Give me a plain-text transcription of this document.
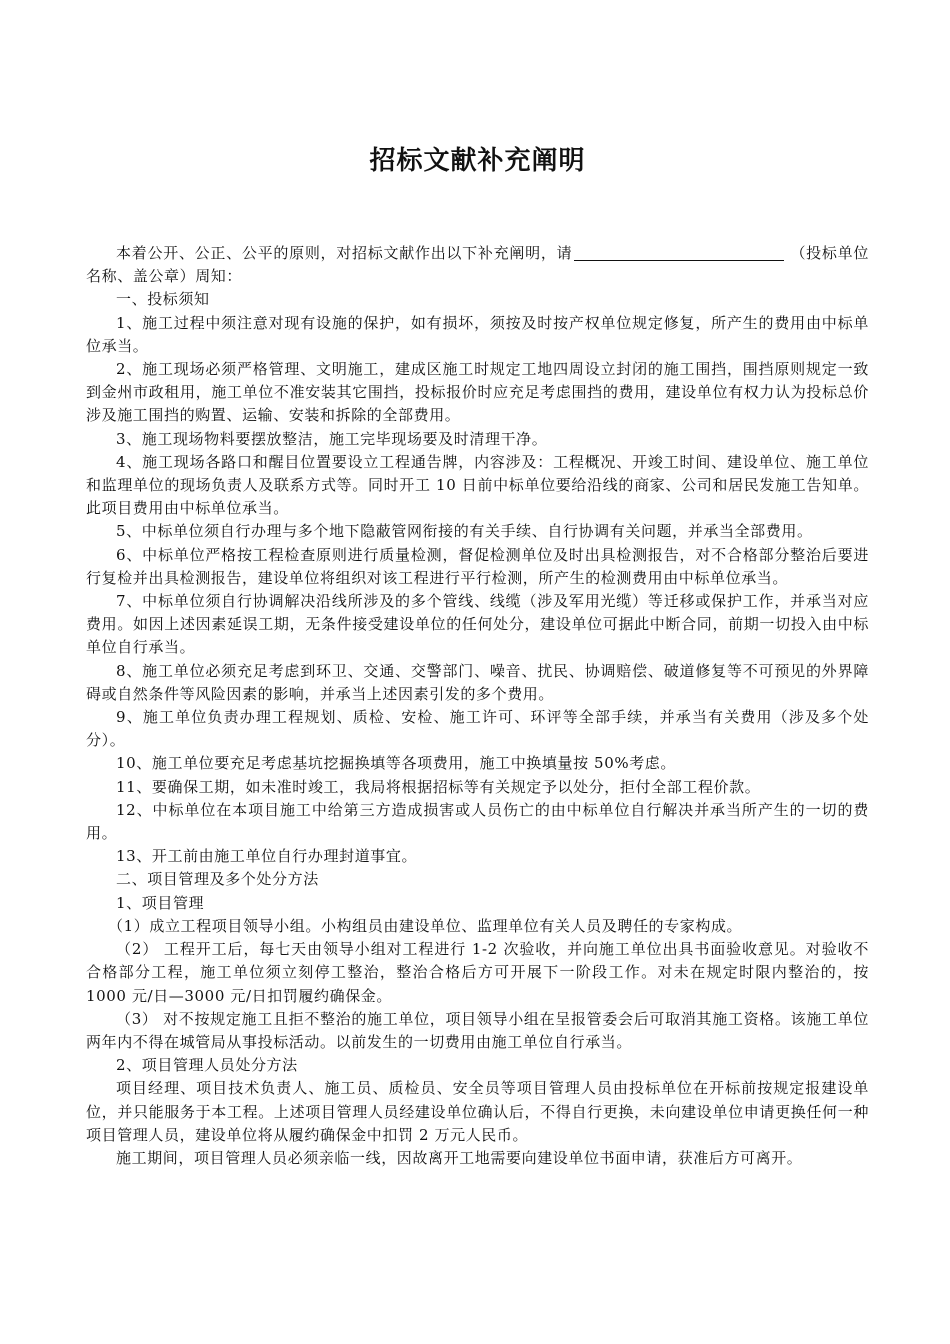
招标文献补充阐明

本着公开、公正、公平的原则，对招标文献作出以下补充阐明，请	（投标单位名称、盖公章）周知：

一、投标须知

1、施工过程中须注意对现有设施的保护，如有损坏，须按及时按产权单位规定修复，所产生的费用由中标单位承当。

2、施工现场必须严格管理、文明施工，建成区施工时规定工地四周设立封闭的施工围挡，围挡原则规定一致到金州市政租用，施工单位不准安装其它围挡，投标报价时应充足考虑围挡的费用，建设单位有权力认为投标总价涉及施工围挡的购置、运输、安装和拆除的全部费用。

3、施工现场物料要摆放整洁，施工完毕现场要及时清理干净。

4、施工现场各路口和醒目位置要设立工程通告牌，内容涉及：工程概况、开竣工时间、建设单位、施工单位和监理单位的现场负责人及联系方式等。同时开工 10 日前中标单位要给沿线的商家、公司和居民发施工告知单。此项目费用由中标单位承当。

5、中标单位须自行办理与多个地下隐蔽管网衔接的有关手续、自行协调有关问题，并承当全部费用。

6、中标单位严格按工程检查原则进行质量检测，督促检测单位及时出具检测报告，对不合格部分整治后要进行复检并出具检测报告，建设单位将组织对该工程进行平行检测，所产生的检测费用由中标单位承当。

7、中标单位须自行协调解决沿线所涉及的多个管线、线缆（涉及军用光缆）等迁移或保护工作，并承当对应费用。如因上述因素延误工期，无条件接受建设单位的任何处分，建设单位可据此中断合同，前期一切投入由中标单位自行承当。

8、施工单位必须充足考虑到环卫、交通、交警部门、噪音、扰民、协调赔偿、破道修复等不可预见的外界障碍或自然条件等风险因素的影响，并承当上述因素引发的多个费用。

9、施工单位负责办理工程规划、质检、安检、施工许可、环评等全部手续，并承当有关费用（涉及多个处分）。

10、施工单位要充足考虑基坑挖掘换填等各项费用，施工中换填量按 50%考虑。

11、要确保工期，如未准时竣工，我局将根据招标等有关规定予以处分，拒付全部工程价款。

12、中标单位在本项目施工中给第三方造成损害或人员伤亡的由中标单位自行解决并承当所产生的一切的费用。

13、开工前由施工单位自行办理封道事宜。

二、项目管理及多个处分方法

1、项目管理

（1）成立工程项目领导小组。小构组员由建设单位、监理单位有关人员及聘任的专家构成。

（2） 工程开工后，每七天由领导小组对工程进行 1-2 次验收，并向施工单位出具书面验收意见。对验收不合格部分工程，施工单位须立刻停工整治，整治合格后方可开展下一阶段工作。对未在规定时限内整治的，按 1000 元/日—3000 元/日扣罚履约确保金。

（3） 对不按规定施工且拒不整治的施工单位，项目领导小组在呈报管委会后可取消其施工资格。该施工单位两年内不得在城管局从事投标活动。以前发生的一切费用由施工单位自行承当。

2、项目管理人员处分方法

项目经理、项目技术负责人、施工员、质检员、安全员等项目管理人员由投标单位在开标前按规定报建设单位，并只能服务于本工程。上述项目管理人员经建设单位确认后，不得自行更换，未向建设单位申请更换任何一种项目管理人员，建设单位将从履约确保金中扣罚 2 万元人民币。

施工期间，项目管理人员必须亲临一线，因故离开工地需要向建设单位书面申请，获准后方可离开。
